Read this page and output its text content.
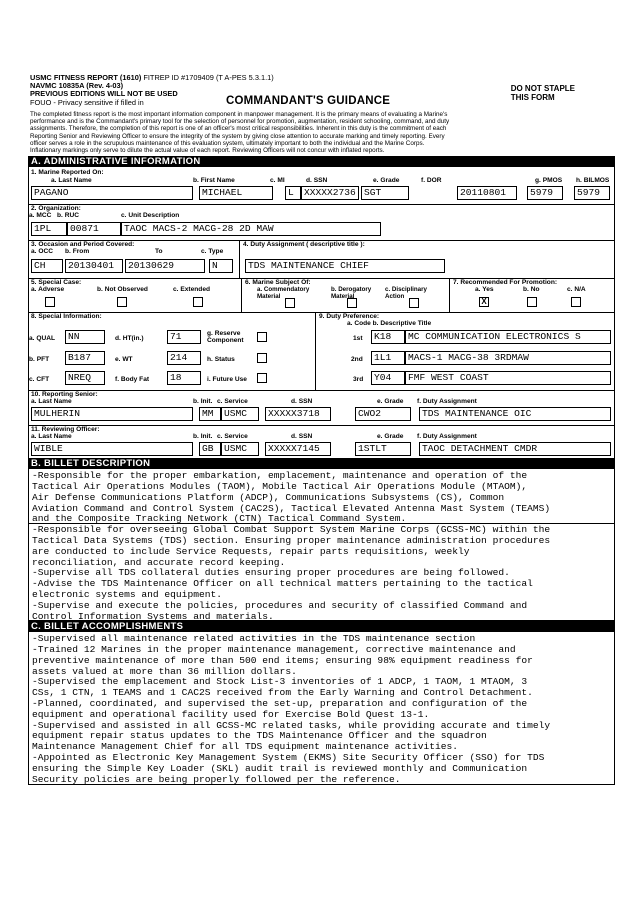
USMC FITNESS REPORT (1610) FITREP ID #1709409 (T A-PES 5.3.1.1)
NAVMC 10835A (Rev. 4-03)
PREVIOUS EDITIONS WILL NOT BE USED
FOUO - Privacy sensitive if filled in	COMMANDANT'S GUIDANCE
DO NOT STAPLE
THIS FORM
The completed fitness report is the most important information component in manpower management. It is the primary means of evaluating a Marine's
performance and is the Commandant's primary tool for the selection of personnel for promotion, augmentation, resident schooling, command, and duty
assignments. Therefore, the completion of this report is one of an officer's most critical responsibilities. Inherent in this duty is the commitment of each
Reporting Senior and Reviewing Officer to ensure the integrity of the system by giving close attention to accurate marking and timely reporting. Every
officer serves a role in the scrupulous maintenance of this evaluation system, ultimately important to both the individual and the Marine Corps.
Inflationary markings only serve to dilute the actual value of each report. Reviewing Officers will not concur with inflated reports.
A. ADMINISTRATIVE INFORMATION
1. Marine Reported On:
a. Last Name	b. First Name	c. MI	d. SSN	e. Grade	f. DOR	g. PMOS h. BILMOS
PAGANO	MICHAEL	L	XXXXX2736 SGT	20110801	5979	5979
2. Organization:
a. MCC b. RUC	c. Unit Description
1PL	00871	TAOC MACS-2 MACG-28 2D MAW
3. Occasion and Period Covered:
a. OCC b. From	To	c. Type
4. Duty Assignment ( descriptive title ):
CH	20130401	20130629	N	TDS MAINTENANCE CHIEF
5. Special Case:
a. Adverse	b. Not Observed	c. Extended
6. Marine Subject Of:
a. Commendatory Material
b. Derogatory Material
c. Disciplinary Action
7. Recommended For Promotion:
a. Yes	b. No	c. N/A
X
8. Special Information:
a. QUAL	NN
b. PFT	B187
c. CFT	NREQ
d. HT(in.)	71
e. WT	214
f. Body Fat	18
g. Reserve Component
h. Status
i. Future Use
9. Duty Preference:
a. Code b. Descriptive Title
1st	K18	MC COMMUNICATION ELECTRONICS S
2nd	1L1	MACS-1 MACG-38 3RDMAW
3rd	Y04	FMF WEST COAST
10. Reporting Senior:
a. Last Name	b. Init. c. Service	d. SSN	e. Grade f. Duty Assignment
MULHERIN	MM	USMC	XXXXX3718	CWO2	TDS MAINTENANCE OIC
11. Reviewing Officer:
a. Last Name	b. Init. c. Service	d. SSN	e. Grade f. Duty Assignment
WIBLE	GB	USMC	XXXXX7145	1STLT	TAOC DETACHMENT CMDR
B. BILLET DESCRIPTION
-Responsible for the proper embarkation, emplacement, maintenance and operation of the
Tactical Air Operations Modules (TAOM), Mobile Tactical Air Operations Module (MTAOM),
Air Defense Communications Platform (ADCP), Communications Subsystems (CS), Common
Aviation Command and Control System (CAC2S), Tactical Elevated Antenna Mast System (TEAMS)
and the Composite Tracking Network (CTN) Tactical Command System.
-Responsible for overseeing Global Combat Support System Marine Corps (GCSS-MC) within the
Tactical Data Systems (TDS) section. Ensuring proper maintenance administration procedures
are conducted to include Service Requests, repair parts requisitions, weekly
reconciliation, and accurate record keeping.
-Supervise all TDS collateral duties ensuring proper procedures are being followed.
-Advise the TDS Maintenance Officer on all technical matters pertaining to the tactical
electronic systems and equipment.
-Supervise and execute the policies, procedures and security of classified Command and
Control Information Systems and materials.
C. BILLET ACCOMPLISHMENTS
-Supervised all maintenance related activities in the TDS maintenance section
-Trained 12 Marines in the proper maintenance management, corrective maintenance and
preventive maintenance of more than 500 end items; ensuring 98% equipment readiness for
assets valued at more than 36 million dollars.
-Supervised the emplacement and Stock List-3 inventories of 1 ADCP, 1 TAOM, 1 MTAOM, 3
CSs, 1 CTN, 1 TEAMS and 1 CAC2S received from the Early Warning and Control Detachment.
-Planned, coordinated, and supervised the set-up, preparation and configuration of the
equipment and operational facility used for Exercise Bold Quest 13-1.
-Supervised and assisted in all GCSS-MC related tasks, while providing accurate and timely
equipment repair status updates to the TDS Maintenance Officer and the squadron
Maintenance Management Chief for all TDS equipment maintenance activities.
-Appointed as Electronic Key Management System (EKMS) Site Security Officer (SSO) for TDS
ensuring the Simple Key Loader (SKL) audit trail is reviewed monthly and Communication
Security policies are being properly followed per the reference.
